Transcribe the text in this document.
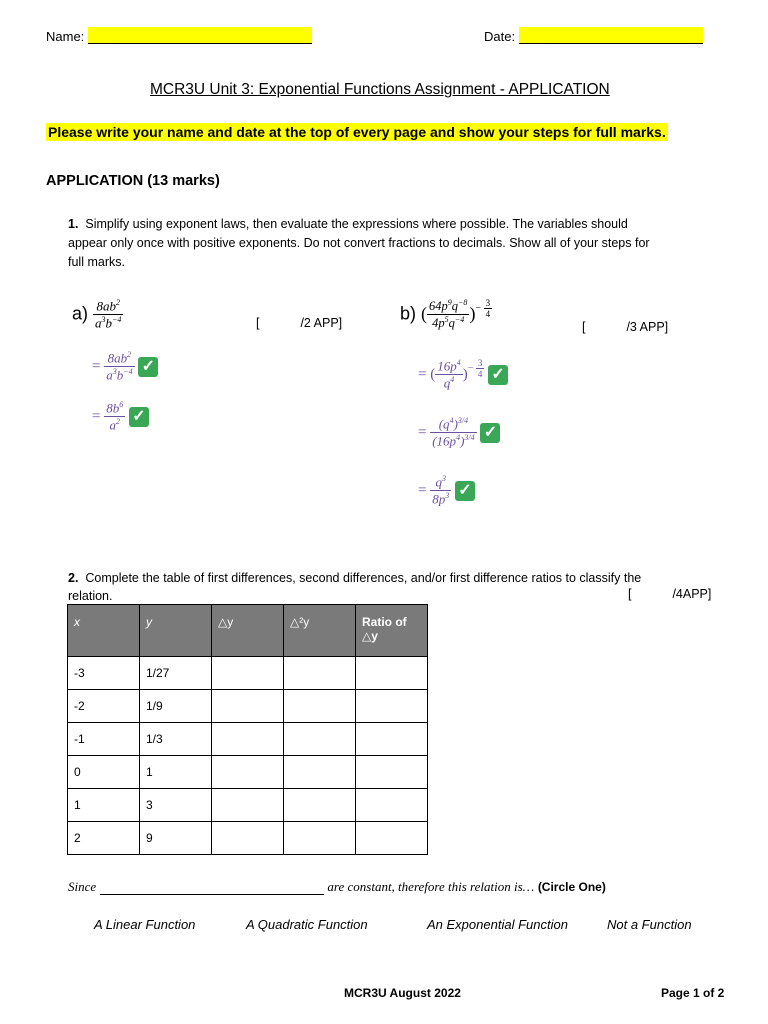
Name:	Date:
MCR3U Unit 3: Exponential Functions Assignment - APPLICATION
Please write your name and date at the top of every page and show your steps for full marks.
APPLICATION (13 marks)
1. Simplify using exponent laws, then evaluate the expressions where possible. The variables should
appear only once with positive exponents. Do not convert fractions to decimals. Show all of your steps for
full marks.
$a) \frac{8ab^2}{a^3b^{-4}}$	[	/2 APP]
= $\frac{8ab^2}{a^3b^{-4}}$ ✓
= $\frac{8b^6}{a^2}$ ✓
b) ( $\frac{64p^9q^{-8}}{4p^5q^{-4}} )^{- \frac{3}{4}}$
[	/3 APP]
= ( $\frac{16p^4}{q^4} )^{- \frac{3}{4}}$ ✓
= $\frac{(q^4)^{3/4}}{(16p^4)^{3/4}}$ ✓
= $\frac{q^3}{8p^3}$ ✓
2. Complete the table of first differences, second differences, and/or first difference ratios to classify the
relation.	[	/4APP]
x	y	△y	△²y	Ratio of
△y
-3	1/27			
-2	1/9			
-1	1/3			
0	1			
1	3			
2	9			
Since	are constant, therefore this relation is… (Circle One)
A Linear Function	A Quadratic Function	An Exponential Function	Not a Function
MCR3U August 2022	Page 1 of 2
